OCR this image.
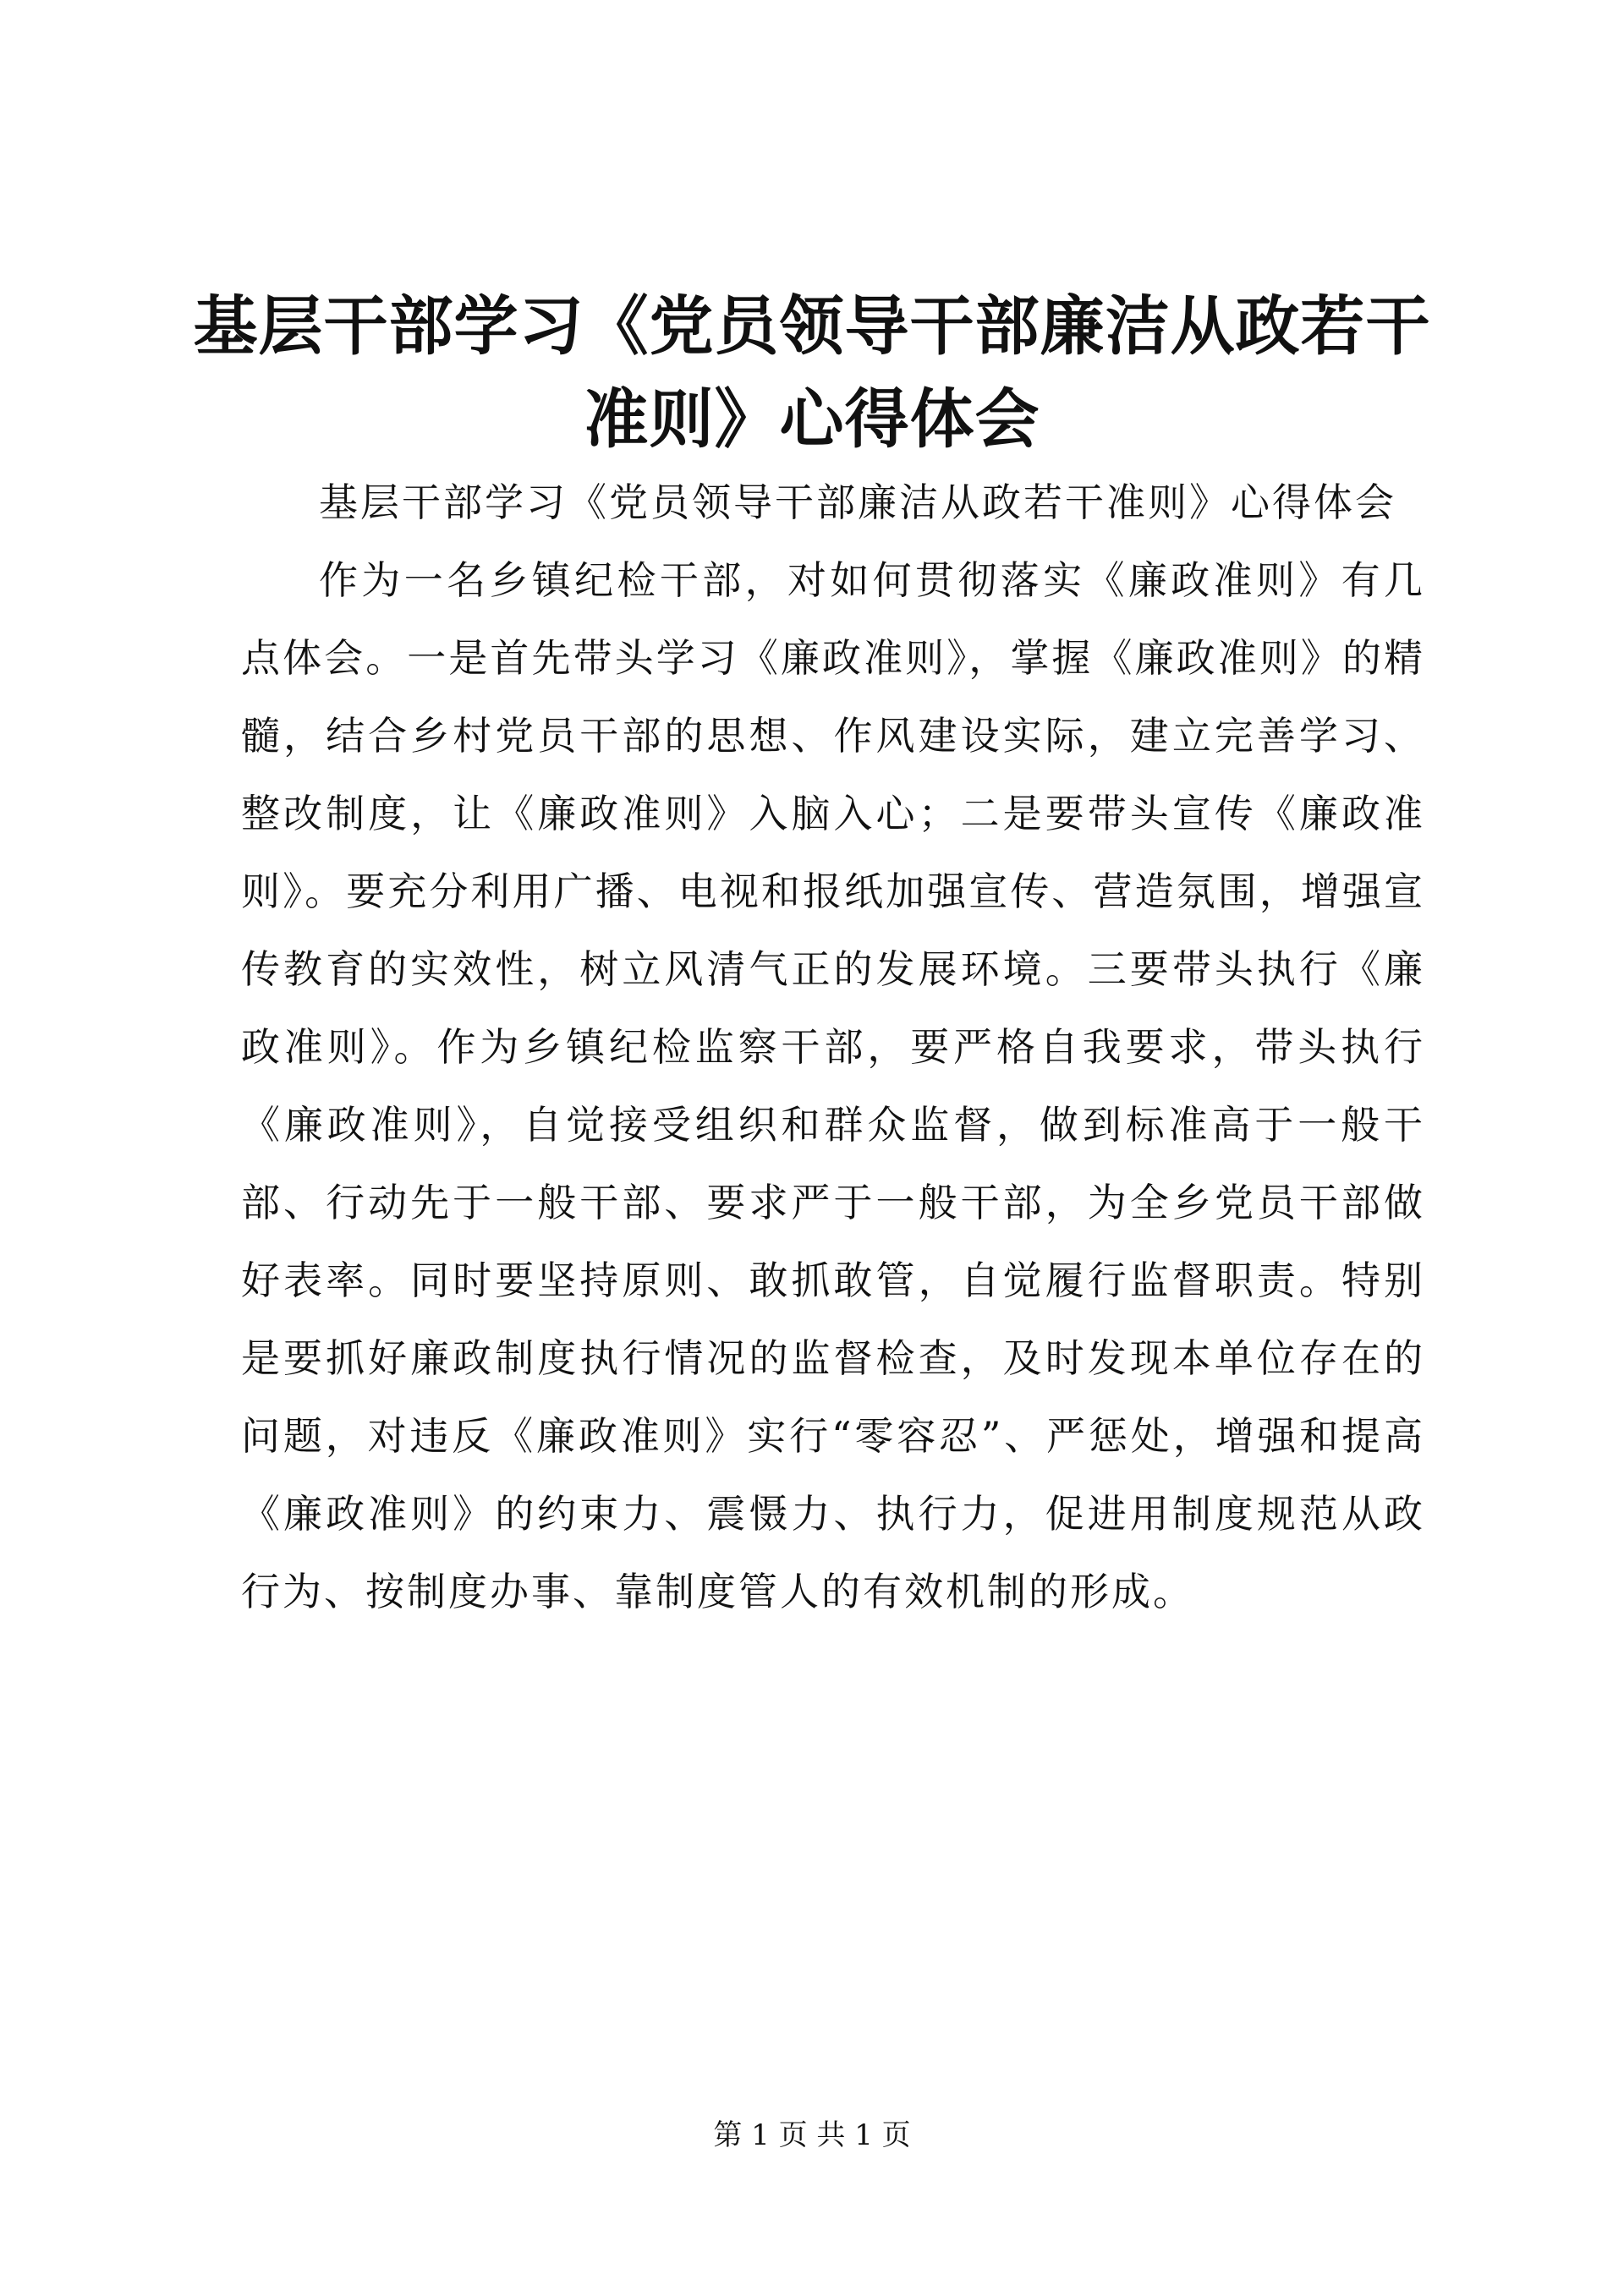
基层干部学习《党员领导干部廉洁从政若干准则》心得体会

基层干部学习《党员领导干部廉洁从政若干准则》心得体会

作为一名乡镇纪检干部，对如何贯彻落实《廉政准则》有几点体会。一是首先带头学习《廉政准则》，掌握《廉政准则》的精髓，结合乡村党员干部的思想、作风建设实际，建立完善学习、整改制度，让《廉政准则》入脑入心；二是要带头宣传《廉政准则》。要充分利用广播、电视和报纸加强宣传、营造氛围，增强宣传教育的实效性，树立风清气正的发展环境。三要带头执行《廉政准则》。作为乡镇纪检监察干部，要严格自我要求，带头执行《廉政准则》，自觉接受组织和群众监督，做到标准高于一般干部、行动先于一般干部、要求严于一般干部，为全乡党员干部做好表率。同时要坚持原则、敢抓敢管，自觉履行监督职责。特别是要抓好廉政制度执行情况的监督检查，及时发现本单位存在的问题，对违反《廉政准则》实行“零容忍”、严惩处，增强和提高《廉政准则》的约束力、震慑力、执行力，促进用制度规范从政行为、按制度办事、靠制度管人的有效机制的形成。

第 1 页 共 1 页
